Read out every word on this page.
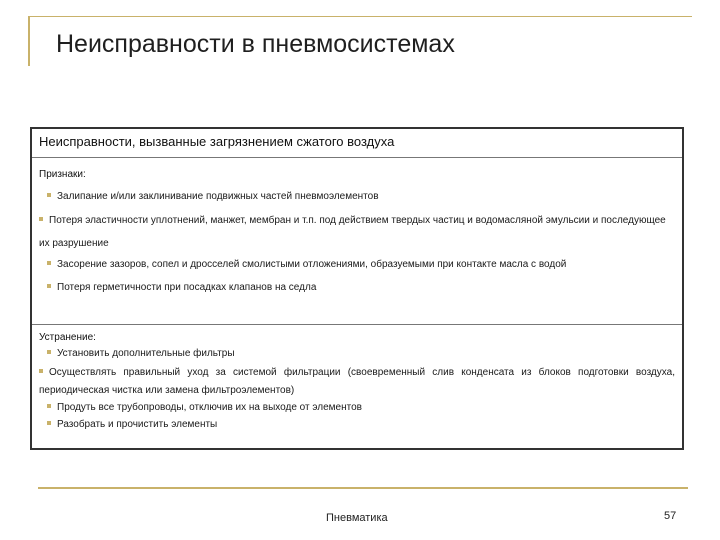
Неисправности в пневмосистемах
Неисправности, вызванные загрязнением сжатого воздуха

Признаки:

Залипание и/или заклинивание подвижных частей пневмоэлементов

Потеря эластичности уплотнений, манжет, мембран и т.п. под действием твердых частиц и водомасляной эмульсии и последующее их разрушение

Засорение зазоров, сопел и дросселей смолистыми отложениями, образуемыми при контакте масла с водой

Потеря герметичности при посадках клапанов на седла

Устранение:

Установить дополнительные фильтры

Осуществлять правильный уход за системой фильтрации (своевременный слив конденсата из блоков подготовки воздуха, периодическая чистка или замена фильтроэлементов)

Продуть все трубопроводы, отключив их на выходе от элементов

Разобрать и прочистить элементы

Пневматика	57
